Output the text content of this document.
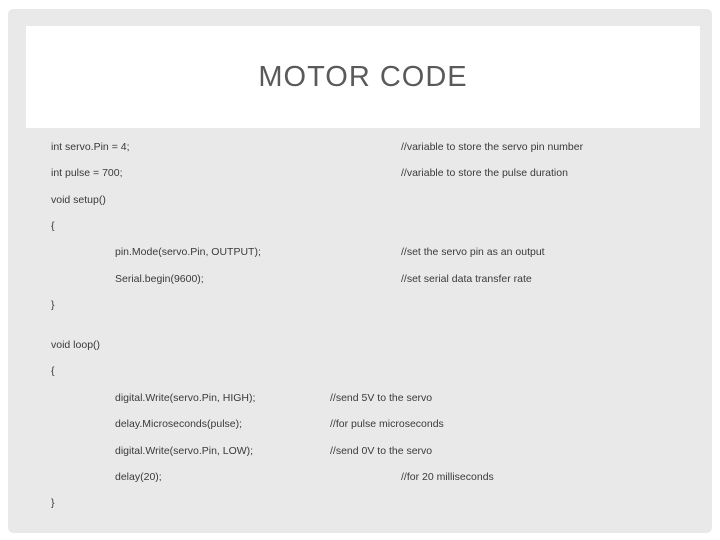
MOTOR CODE
int servo.Pin = 4;	//variable to store the servo pin number
int pulse = 700;	//variable to store the pulse duration
void setup()
{
pin.Mode(servo.Pin, OUTPUT);	//set the servo pin as an output
Serial.begin(9600);	//set serial data transfer rate
}
void loop()
{
digital.Write(servo.Pin, HIGH);	//send 5V to the servo
delay.Microseconds(pulse);	//for pulse microseconds
digital.Write(servo.Pin, LOW);	//send 0V to the servo
delay(20);	//for 20 milliseconds
}
